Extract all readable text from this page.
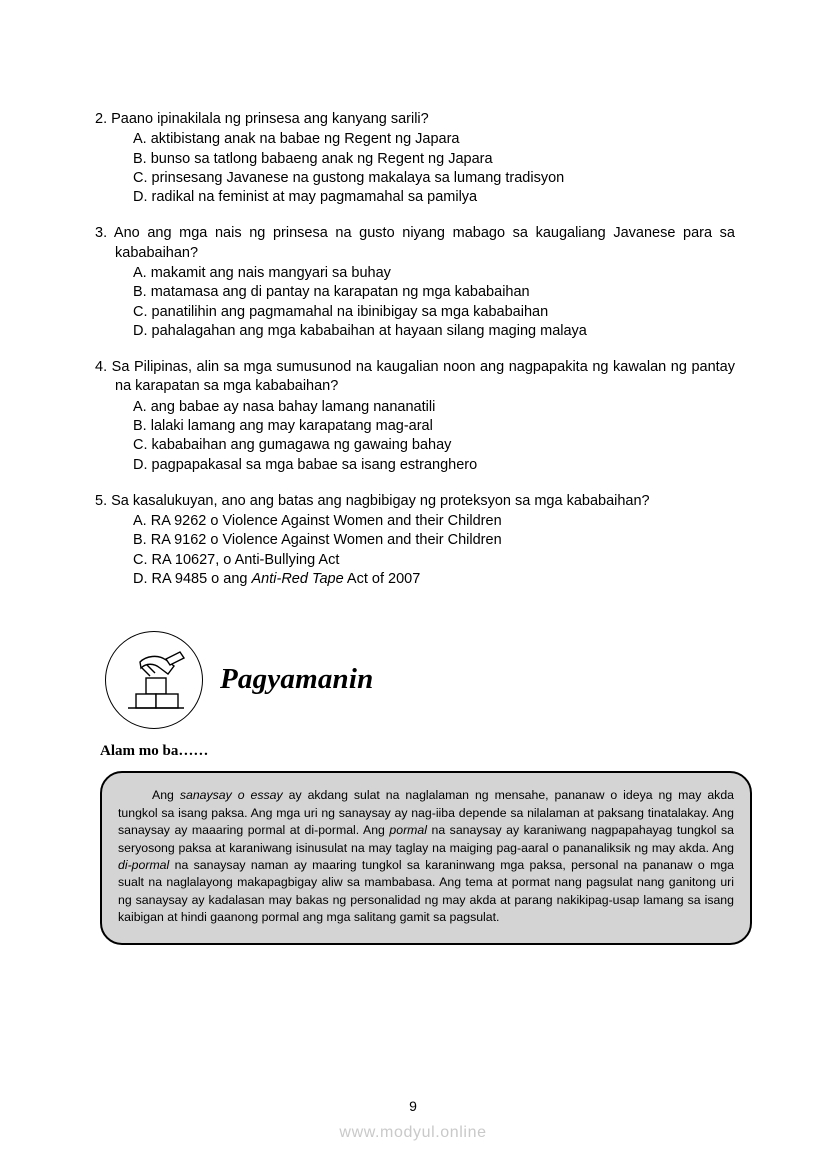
2. Paano ipinakilala ng prinsesa ang kanyang sarili?
A. aktibistang anak na babae ng Regent ng Japara
B. bunso sa tatlong babaeng anak ng Regent ng Japara
C. prinsesang Javanese na gustong makalaya sa lumang tradisyon
D. radikal na feminist at may pagmamahal sa pamilya
3. Ano ang mga nais ng prinsesa na gusto niyang mabago sa kaugaliang Javanese para sa kababaihan?
A. makamit ang nais mangyari sa buhay
B. matamasa ang di pantay na karapatan ng mga kababaihan
C. panatilihin ang pagmamahal na ibinibigay sa mga kababaihan
D. pahalagahan ang mga kababaihan at hayaan silang maging malaya
4. Sa Pilipinas, alin sa mga sumusunod na kaugalian noon ang nagpapakita ng kawalan ng pantay na karapatan sa mga kababaihan?
A. ang babae ay nasa bahay lamang nananatili
B. lalaki lamang ang may karapatang mag-aral
C. kababaihan ang gumagawa ng gawaing bahay
D. pagpapakasal sa mga babae sa isang estranghero
5. Sa kasalukuyan, ano ang batas ang nagbibigay ng proteksyon sa mga kababaihan?
A. RA 9262 o Violence Against Women and their Children
B. RA 9162 o Violence Against Women and their Children
C. RA 10627, o Anti-Bullying Act
D. RA 9485 o ang Anti-Red Tape Act of 2007
Pagyamanin
Alam mo ba……

Ang sanaysay o essay ay akdang sulat na naglalaman ng mensahe, pananaw o ideya ng may akda tungkol sa isang paksa. Ang mga uri ng sanaysay ay nag-iiba depende sa nilalaman at paksang tinatalakay. Ang sanaysay ay maaaring pormal at di-pormal. Ang pormal na sanaysay ay karaniwang nagpapahayag tungkol sa seryosong paksa at karaniwang isinusulat na may taglay na maiging pag-aaral o pananaliksik ng may akda. Ang di-pormal na sanaysay naman ay maaring tungkol sa karaninwang mga paksa, personal na pananaw o mga sualt na naglalayong makapagbigay aliw sa mambabasa. Ang tema at pormat nang pagsulat nang ganitong uri ng sanaysay ay kadalasan may bakas ng personalidad ng may akda at parang nakikipag-usap lamang sa isang kaibigan at hindi gaanong pormal ang mga salitang gamit sa pagsulat.

9
www.modyul.online
